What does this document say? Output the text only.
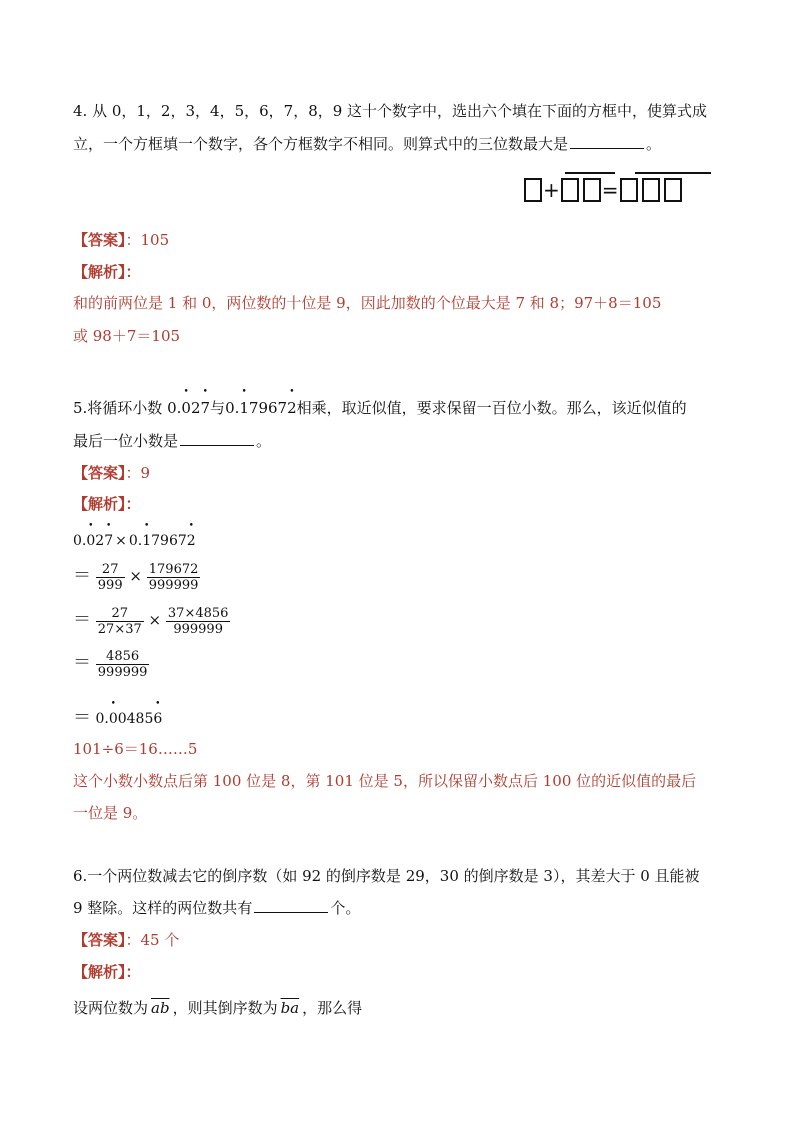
4. 从 0，1，2，3，4，5，6，7，8，9 这十个数字中，选出六个填在下面的方框中，使算式成
立，一个方框填一个数字，各个方框数字不相同。则算式中的三位数最大是	。
+ =
【答案】：105
【解析】：
和的前两位是 1 和 0，两位数的十位是 9，因此加数的个位最大是 7 和 8；97＋8＝105
或 98＋7＝105
5.将循环小数 0.• 02• 7与0.• 17967• 2相乘，取近似值，要求保留一百位小数。那么，该近似值的
最后一位小数是	。
【答案】：9
【解析】：
0.• 02• 7 × 0.• 17967• 2
＝ $\frac{27}{999} \times \frac{179672}{999999}$
＝ $\frac{27}{27\times 37} \times \frac{37\times 4856}{999999}$
＝ $\frac{4856}{999999}$
＝ 0.• 00485• 6
101÷6＝16……5
这个小数小数点后第 100 位是 8，第 101 位是 5，所以保留小数点后 100 位的近似值的最后
一位是 9。
6.一个两位数减去它的倒序数（如 92 的倒序数是 29，30 的倒序数是 3），其差大于 0 且能被
9 整除。这样的两位数共有	个。
【答案】：45 个
【解析】：
设两位数为 $\overline{ab}$ ，则其倒序数为 $\overline{ba}$ ，那么得
